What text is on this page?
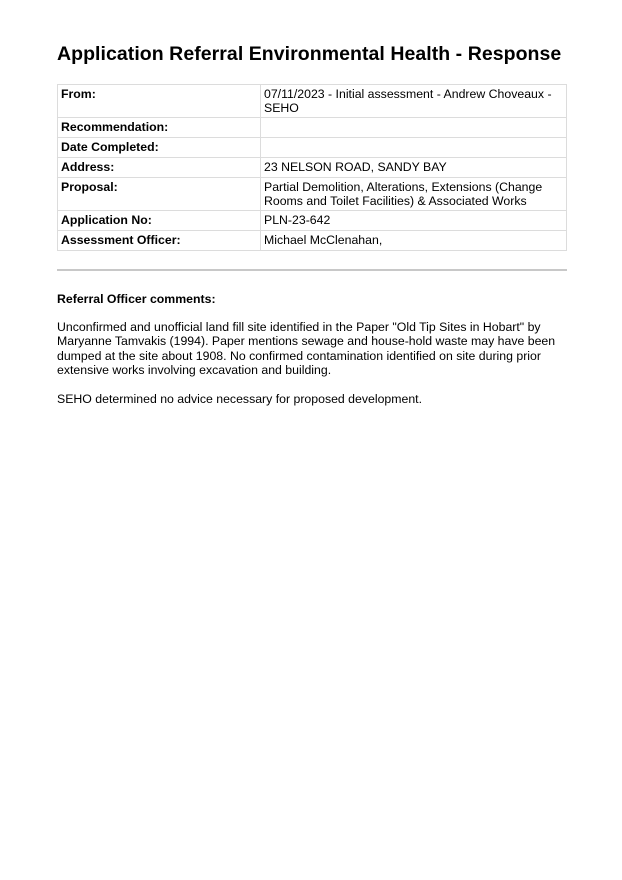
Application Referral Environmental Health - Response
From:	07/11/2023 - Initial assessment - Andrew Choveaux - SEHO
Recommendation:	
Date Completed:	
Address:	23 NELSON ROAD, SANDY BAY
Proposal:	Partial Demolition, Alterations, Extensions (Change Rooms and Toilet Facilities) & Associated Works
Application No:	PLN-23-642
Assessment Officer:	Michael McClenahan,
Referral Officer comments:

Unconfirmed and unofficial land fill site identified in the Paper "Old Tip Sites in Hobart" by Maryanne Tamvakis (1994). Paper mentions sewage and house-hold waste may have been dumped at the site about 1908. No confirmed contamination identified on site during prior extensive works involving excavation and building.

SEHO determined no advice necessary for proposed development.
